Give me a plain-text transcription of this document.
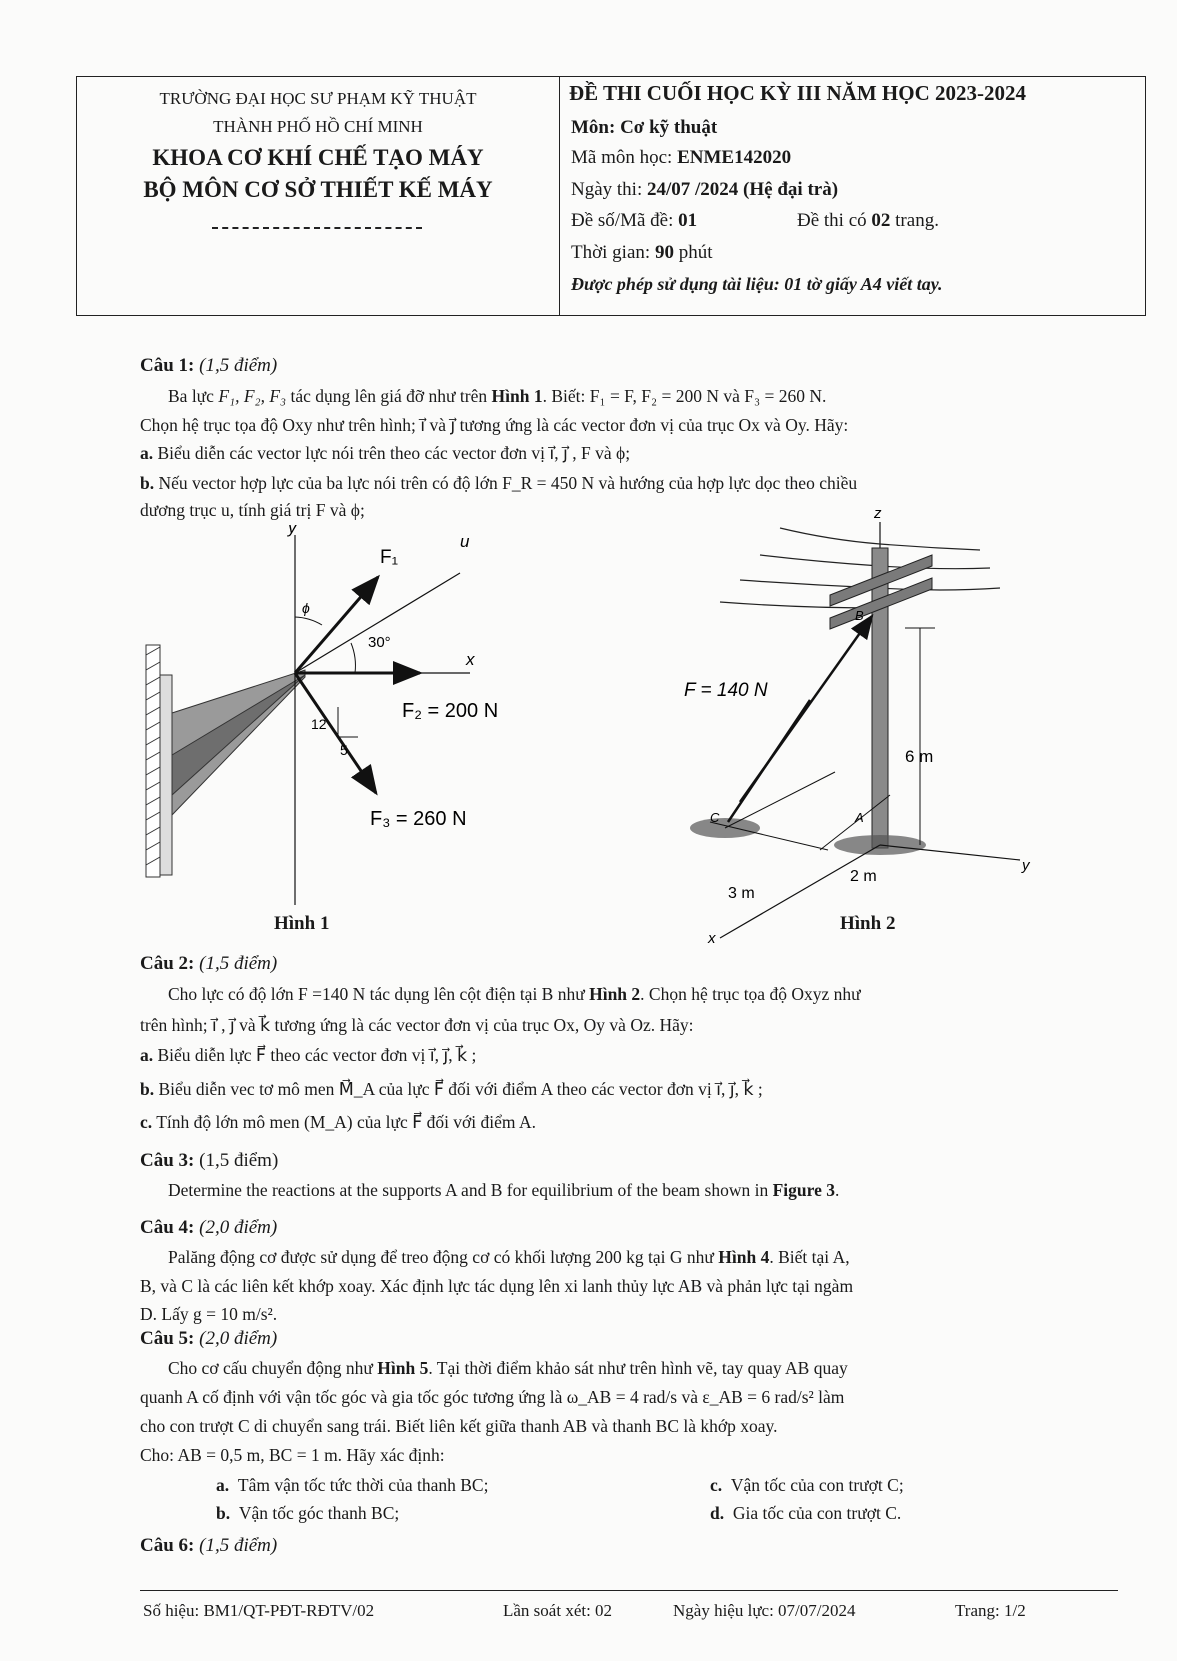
TRƯỜNG ĐẠI HỌC SƯ PHẠM KỸ THUẬT
THÀNH PHỐ HỒ CHÍ MINH
KHOA CƠ KHÍ CHẾ TẠO MÁY
BỘ MÔN CƠ SỞ THIẾT KẾ MÁY
ĐỀ THI CUỐI HỌC KỲ III NĂM HỌC 2023-2024
Môn: Cơ kỹ thuật
Mã môn học: ENME142020
Ngày thi: 24/07 /2024 (Hệ đại trà)
Đề số/Mã đề: 01	Đề thi có 02 trang.
Thời gian: 90 phút
Được phép sử dụng tài liệu: 01 tờ giấy A4 viết tay.
Câu 1: (1,5 điểm)
Ba lực F₁, F₂, F₃ tác dụng lên giá đỡ như trên Hình 1. Biết: F₁ = F, F₂ = 200 N và F₃ = 260 N.
Chọn hệ trục tọa độ Oxy như trên hình; i⃗ và j⃗ tương ứng là các vector đơn vị của trục Ox và Oy. Hãy:
a. Biểu diễn các vector lực nói trên theo các vector đơn vị i⃗, j⃗ , F và ϕ;
b. Nếu vector hợp lực của ba lực nói trên có độ lớn F_R = 450 N và hướng của hợp lực dọc theo chiều
dương trục u, tính giá trị F và ϕ;
y
x
u
F₁
ϕ
30°
F₂ = 200 N
F₃ = 260 N
12
5
z
y
x
F = 140 N
B
A
C
6 m
2 m
3 m
Hình 1	Hình 2
Câu 2: (1,5 điểm)
Cho lực có độ lớn F =140 N tác dụng lên cột điện tại B như Hình 2. Chọn hệ trục tọa độ Oxyz như
trên hình; i⃗ , j⃗ và k⃗ tương ứng là các vector đơn vị của trục Ox, Oy và Oz. Hãy:
a. Biểu diễn lực F⃗ theo các vector đơn vị i⃗, j⃗, k⃗ ;
b. Biểu diễn vec tơ mô men M⃗_A của lực F⃗ đối với điểm A theo các vector đơn vị i⃗, j⃗, k⃗ ;
c. Tính độ lớn mô men (M_A) của lực F⃗ đối với điểm A.
Câu 3: (1,5 điểm)
Determine the reactions at the supports A and B for equilibrium of the beam shown in Figure 3.
Câu 4: (2,0 điểm)
Palăng động cơ được sử dụng để treo động cơ có khối lượng 200 kg tại G như Hình 4. Biết tại A,
B, và C là các liên kết khớp xoay. Xác định lực tác dụng lên xi lanh thủy lực AB và phản lực tại ngàm
D. Lấy g = 10 m/s².
Câu 5: (2,0 điểm)
Cho cơ cấu chuyển động như Hình 5. Tại thời điểm khảo sát như trên hình vẽ, tay quay AB quay
quanh A cố định với vận tốc góc và gia tốc góc tương ứng là ω_AB = 4 rad/s và ε_AB = 6 rad/s² làm
cho con trượt C di chuyển sang trái. Biết liên kết giữa thanh AB và thanh BC là khớp xoay.
Cho: AB = 0,5 m, BC = 1 m. Hãy xác định:
a. Tâm vận tốc tức thời của thanh BC;	c. Vận tốc của con trượt C;
b. Vận tốc góc thanh BC;	d. Gia tốc của con trượt C.
Câu 6: (1,5 điểm)
Số hiệu: BM1/QT-PĐT-RĐTV/02	Lần soát xét: 02	Ngày hiệu lực: 07/07/2024	Trang: 1/2
